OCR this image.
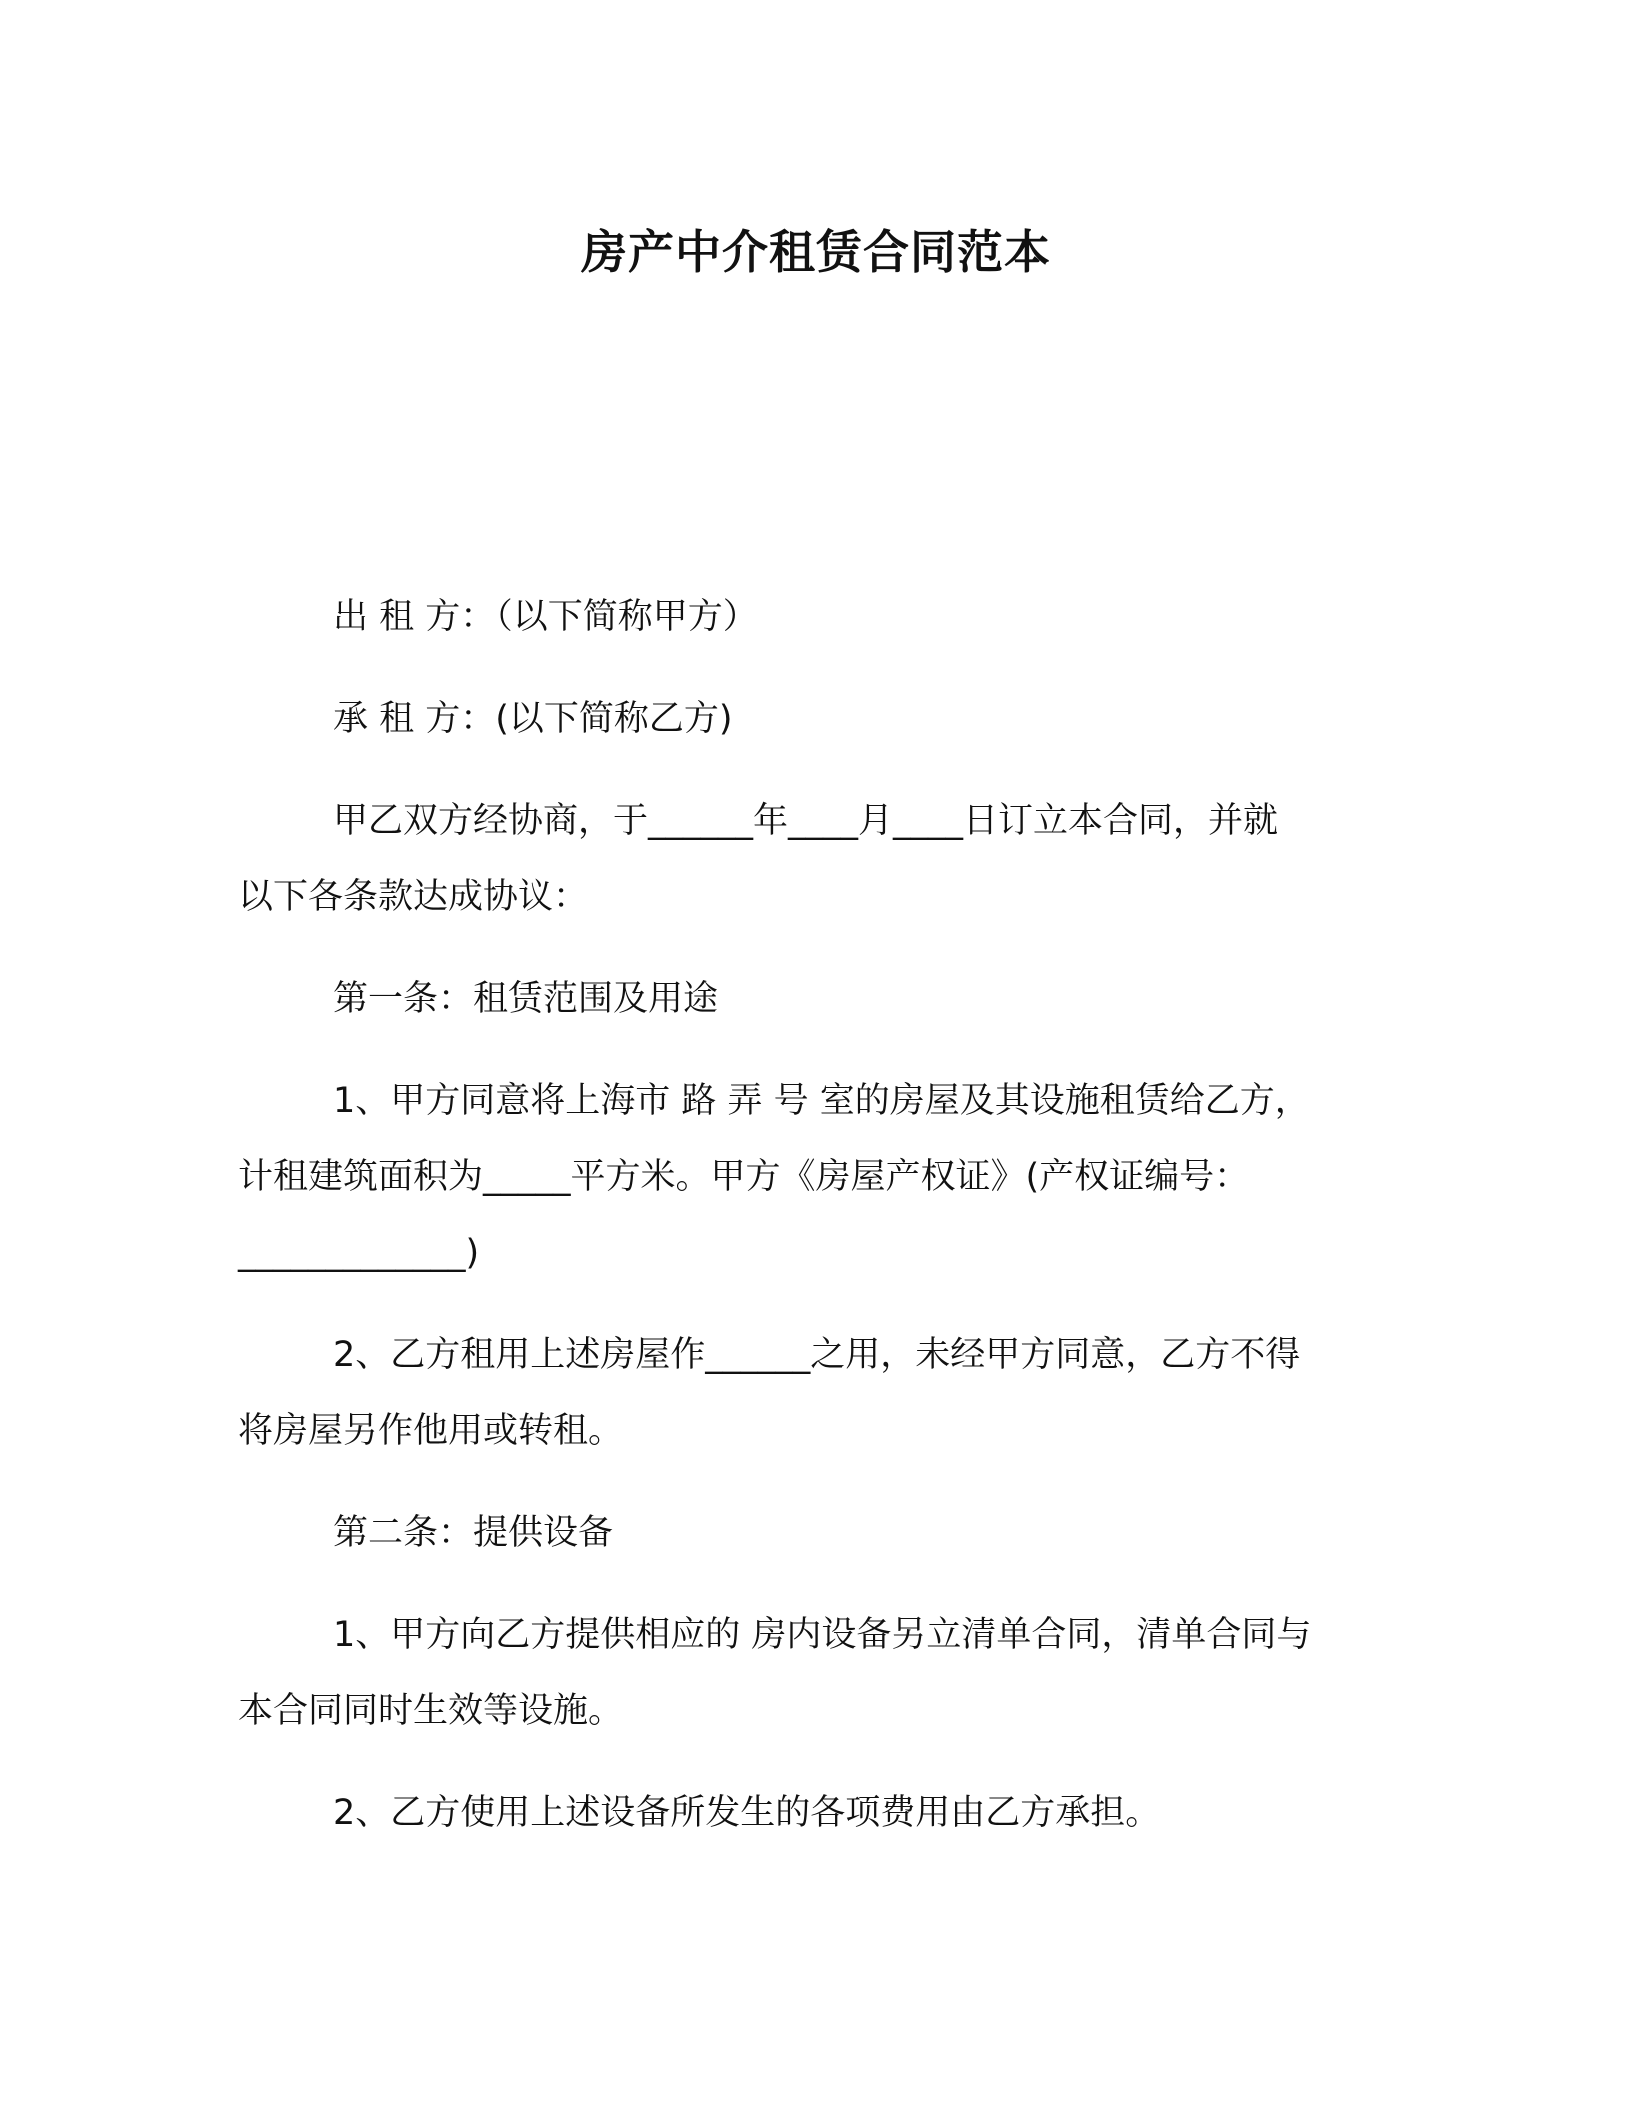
房产中介租赁合同范本
出 租 方：（以下简称甲方）
承 租 方：(以下简称乙方)
甲乙双方经协商，于______年____月____日订立本合同，并就
以下各条款达成协议：
第一条：租赁范围及用途
1、甲方同意将上海市 路 弄 号 室的房屋及其设施租赁给乙方，
计租建筑面积为_____平方米。甲方《房屋产权证》(产权证编号：
_____________)
2、乙方租用上述房屋作______之用，未经甲方同意，乙方不得
将房屋另作他用或转租。
第二条：提供设备
1、甲方向乙方提供相应的 房内设备另立清单合同，清单合同与
本合同同时生效等设施。
2、乙方使用上述设备所发生的各项费用由乙方承担。
